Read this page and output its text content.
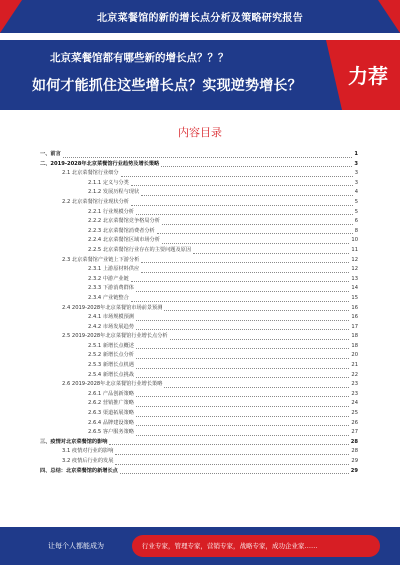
北京菜餐馆的新的增长点分析及策略研究报告
北京菜餐馆都有哪些新的增长点？？？
如何才能抓住这些增长点？实现逆势增长？ 力荐
内容目录
一、前言	1
二、2019-2028年北京菜餐馆行业趋势及增长策略	3
2.1 北京菜餐馆行业细分	3
2.1.1 定义与分类	3
2.1.2 发展历程与现状	4
2.2 北京菜餐馆行业现状分析	5
2.2.1 行业规模分析	5
2.2.2 北京菜餐馆竞争格局分析	6
2.2.3 北京菜餐馆消费者分析	8
2.2.4 北京菜餐馆区域市场分析	10
2.2.5 北京菜餐馆行业存在的主要问题及原因	11
2.3 北京菜餐馆产业链上下游分析	12
2.3.1 上游原材料供应	12
2.3.2 中游产业链	13
2.3.3 下游消费群体	14
2.3.4 产业链整合	15
2.4 2019-2028年北京菜餐馆市场前景预测	16
2.4.1 市场规模预测	16
2.4.2 市场发展趋势	17
2.5 2019-2028年北京菜餐馆行业增长点分析	18
2.5.1 新增长点概述	18
2.5.2 新增长点分析	20
2.5.3 新增长点机遇	21
2.5.4 新增长点挑战	22
2.6 2019-2028年北京菜餐馆行业增长策略	23
2.6.1 产品创新策略	23
2.6.2 营销推广策略	24
2.6.3 渠道拓展策略	25
2.6.4 品牌建设策略	26
2.6.5 客户服务策略	27
三、疫情对北京菜餐馆的影响	28
3.1 疫情对行业的影响	28
3.2 疫情后行业的发展	29
四、总结：北京菜餐馆的新增长点	29
让每个人都能成为	行业专家，管理专家，营销专家，战略专家，成功企业家……
